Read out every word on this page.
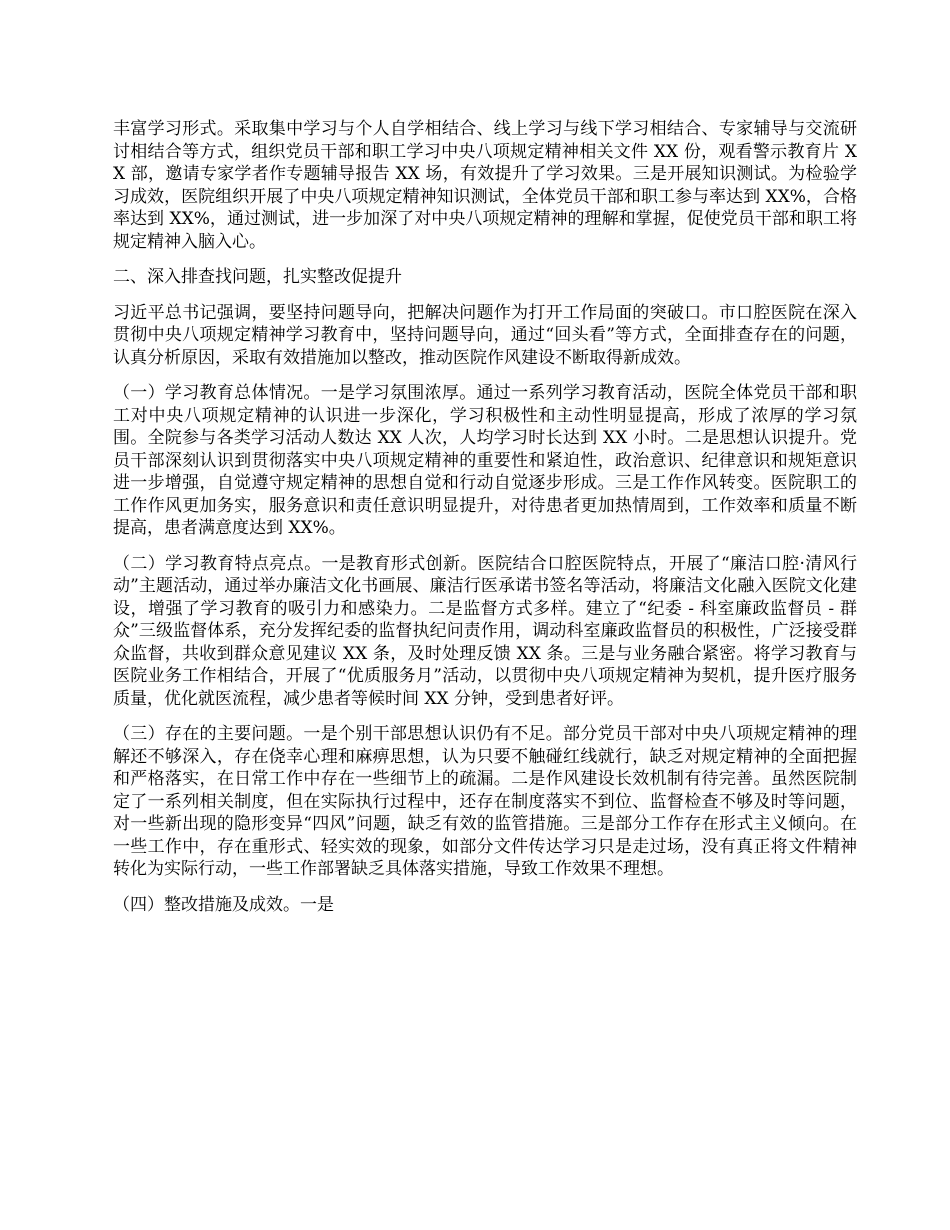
丰富学习形式。采取集中学习与个人自学相结合、线上学习与线下学习相结合、专家辅导与交流研讨相结合等方式，组织党员干部和职工学习中央八项规定精神相关文件 XX 份，观看警示教育片 XX 部，邀请专家学者作专题辅导报告 XX 场，有效提升了学习效果。三是开展知识测试。为检验学习成效，医院组织开展了中央八项规定精神知识测试，全体党员干部和职工参与率达到 XX%，合格率达到 XX%，通过测试，进一步加深了对中央八项规定精神的理解和掌握，促使党员干部和职工将规定精神入脑入心。

二、深入排查找问题，扎实整改促提升

习近平总书记强调，要坚持问题导向，把解决问题作为打开工作局面的突破口。市口腔医院在深入贯彻中央八项规定精神学习教育中，坚持问题导向，通过“回头看”等方式，全面排查存在的问题，认真分析原因，采取有效措施加以整改，推动医院作风建设不断取得新成效。

（一）学习教育总体情况。一是学习氛围浓厚。通过一系列学习教育活动，医院全体党员干部和职工对中央八项规定精神的认识进一步深化，学习积极性和主动性明显提高，形成了浓厚的学习氛围。全院参与各类学习活动人数达 XX 人次，人均学习时长达到 XX 小时。二是思想认识提升。党员干部深刻认识到贯彻落实中央八项规定精神的重要性和紧迫性，政治意识、纪律意识和规矩意识进一步增强，自觉遵守规定精神的思想自觉和行动自觉逐步形成。三是工作作风转变。医院职工的工作作风更加务实，服务意识和责任意识明显提升，对待患者更加热情周到，工作效率和质量不断提高，患者满意度达到 XX%。

（二）学习教育特点亮点。一是教育形式创新。医院结合口腔医院特点，开展了“廉洁口腔·清风行动”主题活动，通过举办廉洁文化书画展、廉洁行医承诺书签名等活动，将廉洁文化融入医院文化建设，增强了学习教育的吸引力和感染力。二是监督方式多样。建立了“纪委 - 科室廉政监督员 - 群众”三级监督体系，充分发挥纪委的监督执纪问责作用，调动科室廉政监督员的积极性，广泛接受群众监督，共收到群众意见建议 XX 条，及时处理反馈 XX 条。三是与业务融合紧密。将学习教育与医院业务工作相结合，开展了“优质服务月”活动，以贯彻中央八项规定精神为契机，提升医疗服务质量，优化就医流程，减少患者等候时间 XX 分钟，受到患者好评。

（三）存在的主要问题。一是个别干部思想认识仍有不足。部分党员干部对中央八项规定精神的理解还不够深入，存在侥幸心理和麻痹思想，认为只要不触碰红线就行，缺乏对规定精神的全面把握和严格落实，在日常工作中存在一些细节上的疏漏。二是作风建设长效机制有待完善。虽然医院制定了一系列相关制度，但在实际执行过程中，还存在制度落实不到位、监督检查不够及时等问题，对一些新出现的隐形变异“四风”问题，缺乏有效的监管措施。三是部分工作存在形式主义倾向。在一些工作中，存在重形式、轻实效的现象，如部分文件传达学习只是走过场，没有真正将文件精神转化为实际行动，一些工作部署缺乏具体落实措施，导致工作效果不理想。

（四）整改措施及成效。一是
